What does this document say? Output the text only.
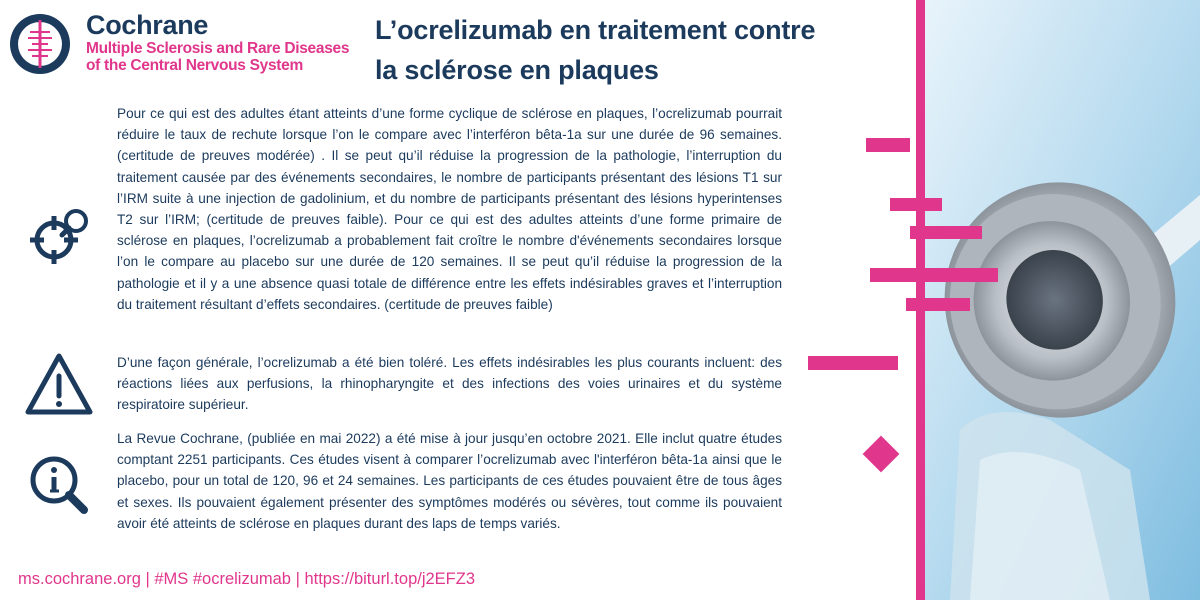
Cochrane
Multiple Sclerosis and Rare Diseases
of the Central Nervous System
L’ocrelizumab en traitement contre
la sclérose en plaques

Pour ce qui est des adultes étant atteints d’une forme cyclique de sclérose en plaques, l’ocrelizumab pourrait réduire le taux de rechute lorsque l’on le compare avec l’interféron bêta-1a sur une durée de 96 semaines. (certitude de preuves modérée) . Il se peut qu’il réduise la progression de la pathologie, l’interruption du traitement causée par des événements secondaires, le nombre de participants présentant des lésions T1 sur l’IRM suite à une injection de gadolinium, et du nombre de participants présentant des lésions hyperintenses T2 sur l’IRM; (certitude de preuves faible). Pour ce qui est des adultes atteints d’une forme primaire de sclérose en plaques, l’ocrelizumab a probablement fait croître le nombre d'événements secondaires lorsque l’on le compare au placebo sur une durée de 120 semaines. Il se peut qu’il réduise la progression de la pathologie et il y a une absence quasi totale de différence entre les effets indésirables graves et l’interruption du traitement résultant d’effets secondaires. (certitude de preuves faible)

D’une façon générale, l’ocrelizumab a été bien toléré. Les effets indésirables les plus courants incluent: des réactions liées aux perfusions, la rhinopharyngite et des infections des voies urinaires et du système respiratoire supérieur.

La Revue Cochrane, (publiée en mai 2022) a été mise à jour jusqu’en octobre 2021. Elle inclut quatre études comptant 2251 participants. Ces études visent à comparer l’ocrelizumab avec l'interféron bêta-1a ainsi que le placebo, pour un total de 120, 96 et 24 semaines. Les participants de ces études pouvaient être de tous âges et sexes. Ils pouvaient également présenter des symptômes modérés ou sévères, tout comme ils pouvaient avoir été atteints de sclérose en plaques durant des laps de temps variés.

ms.cochrane.org | #MS #ocrelizumab | https://biturl.top/j2EFZ3
